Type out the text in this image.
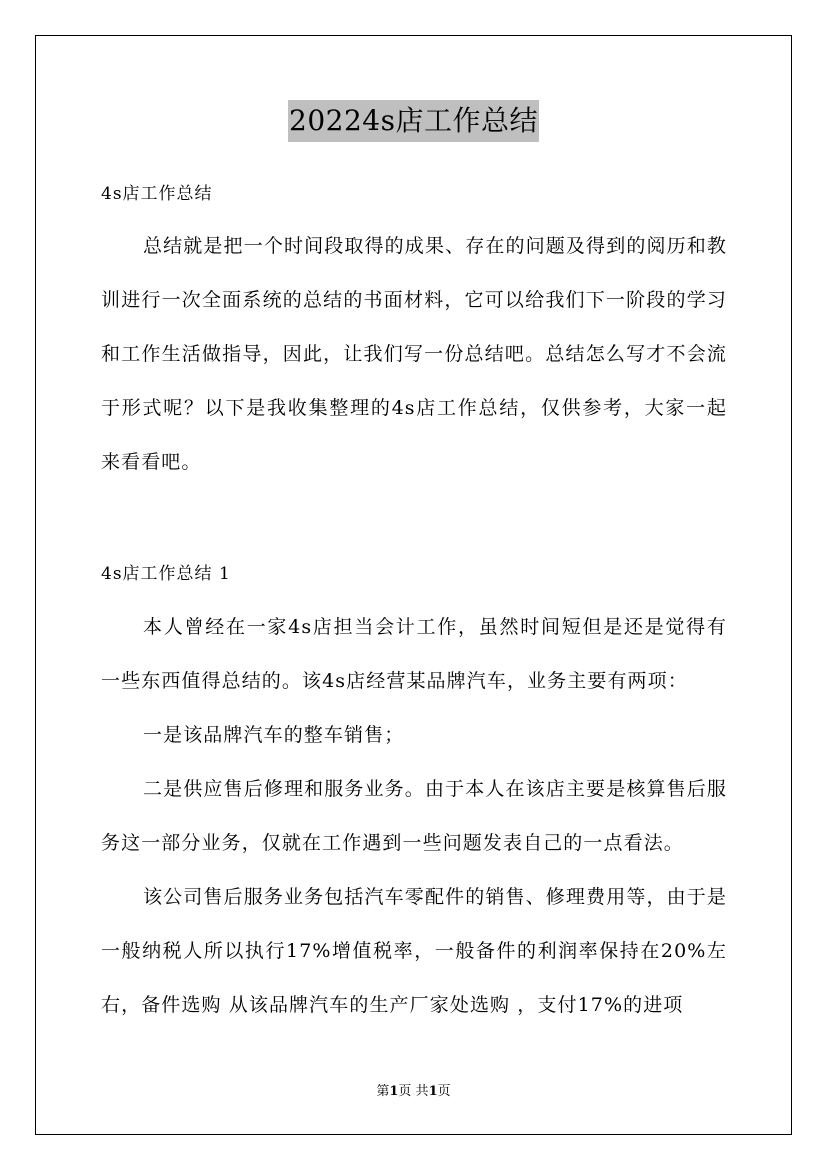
20224s店工作总结
4s店工作总结

总结就是把一个时间段取得的成果、存在的问题及得到的阅历和教训进行一次全面系统的总结的书面材料，它可以给我们下一阶段的学习和工作生活做指导，因此，让我们写一份总结吧。总结怎么写才不会流于形式呢？以下是我收集整理的4s店工作总结，仅供参考，大家一起来看看吧。

4s店工作总结 1

本人曾经在一家4s店担当会计工作，虽然时间短但是还是觉得有一些东西值得总结的。该4s店经营某品牌汽车，业务主要有两项：

一是该品牌汽车的整车销售；

二是供应售后修理和服务业务。由于本人在该店主要是核算售后服务这一部分业务，仅就在工作遇到一些问题发表自己的一点看法。

该公司售后服务业务包括汽车零配件的销售、修理费用等，由于是一般纳税人所以执行17%增值税率，一般备件的利润率保持在20%左右，备件选购 从该品牌汽车的生产厂家处选购 ，支付17%的进项

第1页 共1页
